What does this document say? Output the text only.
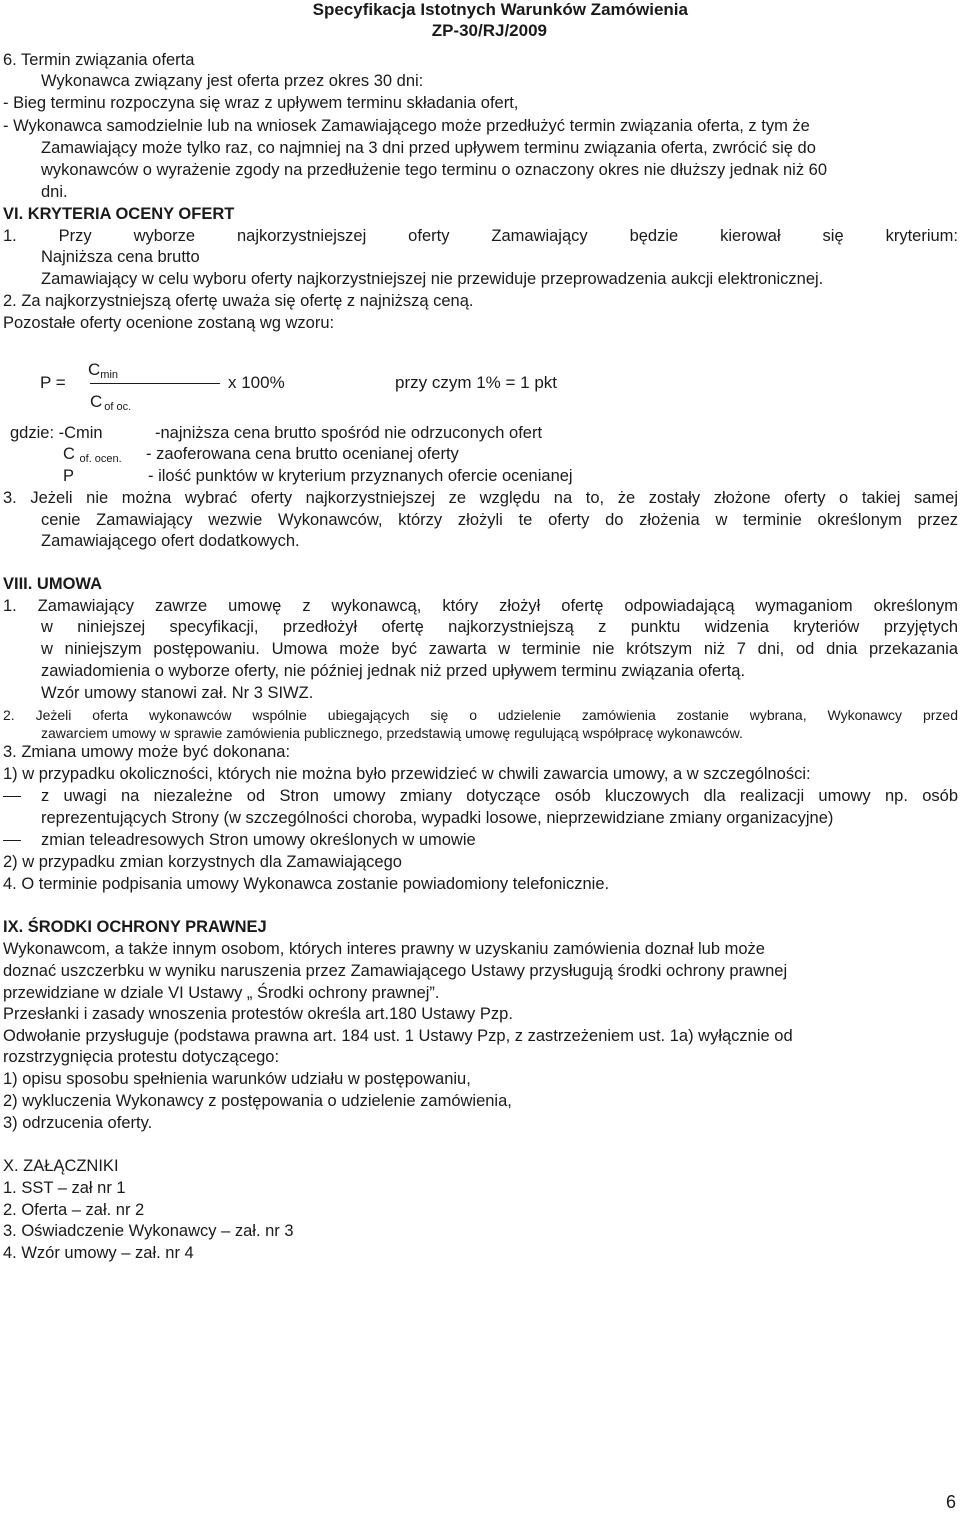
Specyfikacja Istotnych Warunków Zamówienia
ZP-30/RJ/2009
6. Termin związania oferta
Wykonawca związany jest oferta przez okres 30 dni:
- Bieg terminu rozpoczyna się wraz z upływem terminu składania ofert,
- Wykonawca samodzielnie lub na wniosek Zamawiającego może przedłużyć termin związania oferta, z tym że
Zamawiający może tylko raz, co najmniej na 3 dni przed upływem terminu związania oferta, zwrócić się do
wykonawców o wyrażenie zgody na przedłużenie tego terminu o oznaczony okres nie dłuższy jednak niż 60
dni.
VI. KRYTERIA OCENY OFERT
1. Przy wyborze najkorzystniejszej oferty Zamawiający będzie kierował się kryterium:
Najniższa cena brutto
Zamawiający w celu wyboru oferty najkorzystniejszej nie przewiduje przeprowadzenia aukcji elektronicznej.
2. Za najkorzystniejszą ofertę uważa się ofertę z najniższą ceną.
Pozostałe oferty ocenione zostaną wg wzoru:
$C_{min}$
P =	x 100%	przy czym 1% = 1 pkt
C $_{of oc.}$
gdzie: -Cmin	-najniższa cena brutto spośród nie odrzuconych ofert
C $_{of. ocen.}$ - zaoferowana cena brutto ocenianej oferty
P	- ilość punktów w kryterium przyznanych ofercie ocenianej
3. Jeżeli nie można wybrać oferty najkorzystniejszej ze względu na to, że zostały złożone oferty o takiej samej
cenie Zamawiający wezwie Wykonawców, którzy złożyli te oferty do złożenia w terminie określonym przez
Zamawiającego ofert dodatkowych.
VIII. UMOWA
1. Zamawiający zawrze umowę z wykonawcą, który złożył ofertę odpowiadającą wymaganiom określonym
w niniejszej specyfikacji, przedłożył ofertę najkorzystniejszą z punktu widzenia kryteriów przyjętych
w niniejszym postępowaniu. Umowa może być zawarta w terminie nie krótszym niż 7 dni, od dnia przekazania
zawiadomienia o wyborze oferty, nie później jednak niż przed upływem terminu związania ofertą.
Wzór umowy stanowi zał. Nr 3 SIWZ.
2. Jeżeli oferta wykonawców wspólnie ubiegających się o udzielenie zamówienia zostanie wybrana, Wykonawcy przed
zawarciem umowy w sprawie zamówienia publicznego, przedstawią umowę regulującą współpracę wykonawców.
3. Zmiana umowy może być dokonana:
1) w przypadku okoliczności, których nie można było przewidzieć w chwili zawarcia umowy, a w szczególności:
z uwagi na niezależne od Stron umowy zmiany dotyczące osób kluczowych dla realizacji umowy np. osób
reprezentujących Strony (w szczególności choroba, wypadki losowe, nieprzewidziane zmiany organizacyjne)
zmian teleadresowych Stron umowy określonych w umowie
2) w przypadku zmian korzystnych dla Zamawiającego
4. O terminie podpisania umowy Wykonawca zostanie powiadomiony telefonicznie.
IX. ŚRODKI OCHRONY PRAWNEJ
Wykonawcom, a także innym osobom, których interes prawny w uzyskaniu zamówienia doznał lub może
doznać uszczerbku w wyniku naruszenia przez Zamawiającego Ustawy przysługują środki ochrony prawnej
przewidziane w dziale VI Ustawy „ Środki ochrony prawnej”.
Przesłanki i zasady wnoszenia protestów określa art.180 Ustawy Pzp.
Odwołanie przysługuje (podstawa prawna art. 184 ust. 1 Ustawy Pzp, z zastrzeżeniem ust. 1a) wyłącznie od
rozstrzygnięcia protestu dotyczącego:
1) opisu sposobu spełnienia warunków udziału w postępowaniu,
2) wykluczenia Wykonawcy z postępowania o udzielenie zamówienia,
3) odrzucenia oferty.
X. ZAŁĄCZNIKI
1. SST – zał nr 1
2. Oferta – zał. nr 2
3. Oświadczenie Wykonawcy – zał. nr 3
4. Wzór umowy – zał. nr 4
6
